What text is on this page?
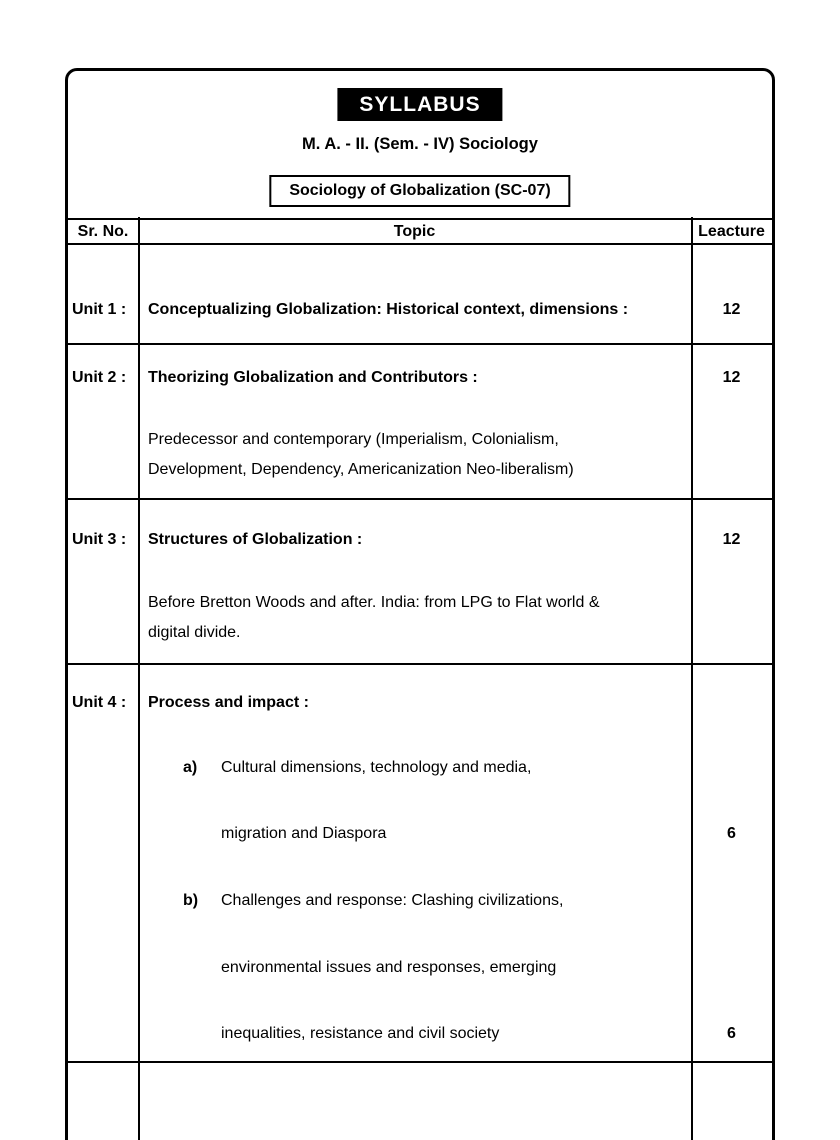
SYLLABUS
M. A. - II. (Sem. - IV) Sociology
Sociology of Globalization (SC-07)
Sr. No.	Topic	Leacture
Unit 1 : Conceptualizing Globalization: Historical context, dimensions :	12
Unit 2 : Theorizing Globalization and Contributors :	12
Predecessor and contemporary (Imperialism, Colonialism,
Development, Dependency, Americanization Neo-liberalism)
Unit 3 : Structures of Globalization :	12
Before Bretton Woods and after. India: from LPG to Flat world &
digital divide.
Unit 4 : Process and impact :
a) Cultural dimensions, technology and media,
migration and Diaspora	6
b) Challenges and response: Clashing civilizations,
environmental issues and responses, emerging
inequalities, resistance and civil society	6
